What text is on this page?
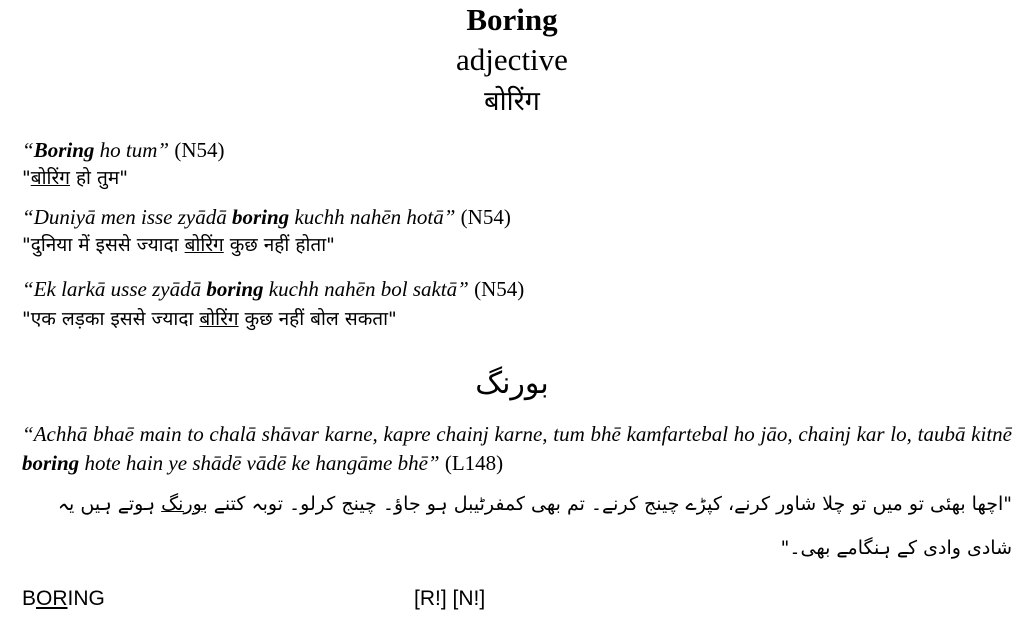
Boring
adjective
बोरिंग
“Boring ho tum” (N54)
"बोरिंग हो तुम"
“Duniyā men isse zyādā boring kuchh nahēn hotā” (N54)
"दुनिया में इससे ज्यादा बोरिंग कुछ नहीं होता"
“Ek larkā usse zyādā boring kuchh nahēn bol saktā” (N54)
"एक लड़का इससे ज्यादा बोरिंग कुछ नहीं बोल सकता"
بورنگ
“Achhā bhaē main to chalā shāvar karne, kapre chainj karne, tum bhē kamfartebal ho jāo, chainj kar lo, taubā kitnē boring hote hain ye shādē vādē ke hangāme bhē” (L148)
"اچھا بھئی تو میں تو چلا شاور کرنے، کپڑے چینج کرنے۔ تم بھی کمفرٹیبل ہو جاؤ۔ چینج کرلو۔ توبہ کتنے بورنگ ہوتے ہیں یہ شادی وادی کے ہنگامے بھی۔"
BORING	[R!] [N!]
